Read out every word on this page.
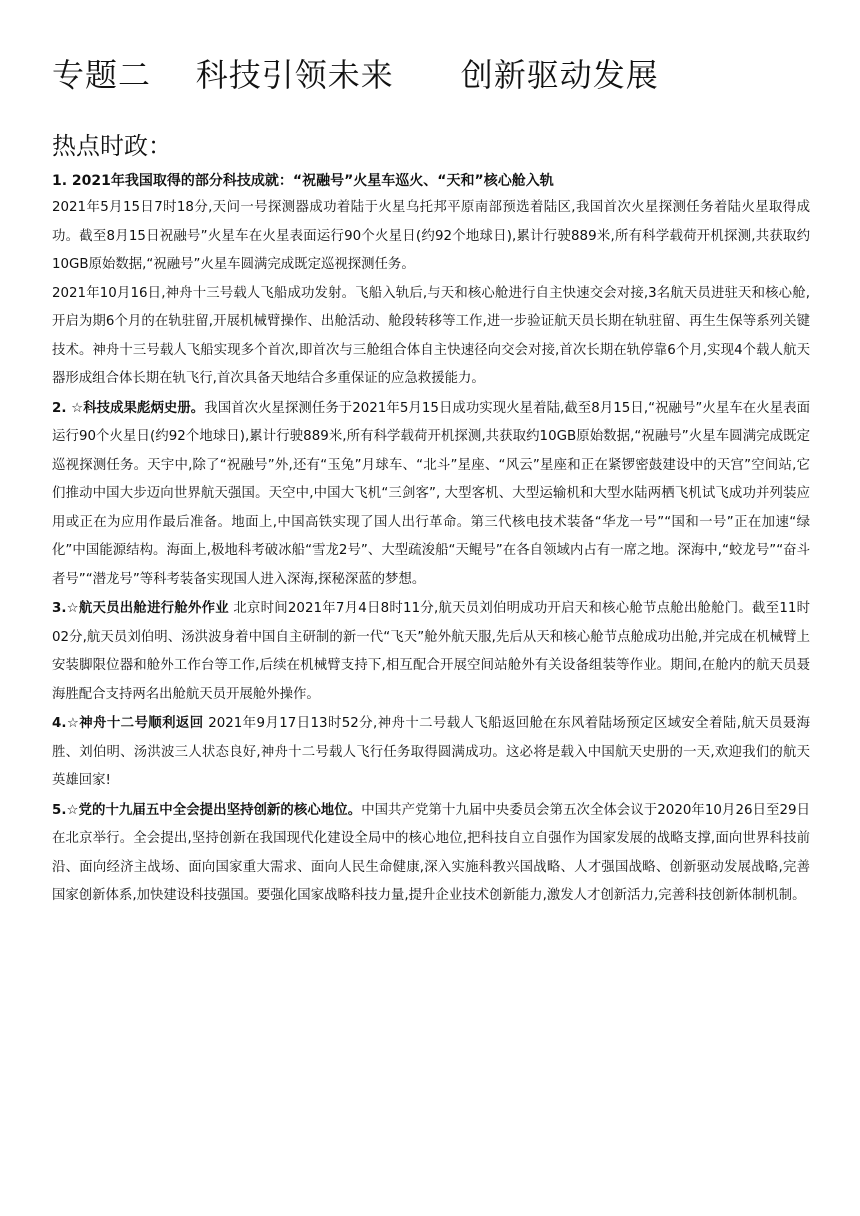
专题二    科技引领未来      创新驱动发展
热点时政：

1. 2021年我国取得的部分科技成就：“祝融号”火星车巡火、“天和”核心舱入轨

2021年5月15日7时18分,天问一号探测器成功着陆于火星乌托邦平原南部预选着陆区,我国首次火星探测任务着陆火星取得成功。截至8月15日祝融号”火星车在火星表面运行90个火星日(约92个地球日),累计行驶889米,所有科学载荷开机探测,共获取约10GB原始数据,“祝融号”火星车圆满完成既定巡视探测任务。

2021年10月16日,神舟十三号载人飞船成功发射。飞船入轨后,与天和核心舱进行自主快速交会对接,3名航天员进驻天和核心舱,开启为期6个月的在轨驻留,开展机械臂操作、出舱活动、舱段转移等工作,进一步验证航天员长期在轨驻留、再生生保等系列关键技术。神舟十三号载人飞船实现多个首次,即首次与三舱组合体自主快速径向交会对接,首次长期在轨停靠6个月,实现4个载人航天器形成组合体长期在轨飞行,首次具备天地结合多重保证的应急救援能力。

2. ☆科技成果彪炳史册。我国首次火星探测任务于2021年5月15日成功实现火星着陆,截至8月15日,“祝融号”火星车在火星表面运行90个火星日(约92个地球日),累计行驶889米,所有科学载荷开机探测,共获取约10GB原始数据,“祝融号”火星车圆满完成既定巡视探测任务。天宇中,除了“祝融号”外,还有“玉兔”月球车、“北斗”星座、“风云”星座和正在紧锣密鼓建设中的天宫”空间站,它们推动中国大步迈向世界航天强国。天空中,中国大飞机“三剑客”, 大型客机、大型运输机和大型水陆两栖飞机试飞成功并列装应用或正在为应用作最后准备。地面上,中国高铁实现了国人出行革命。第三代核电技术装备“华龙一号”“国和一号”正在加速“绿化”中国能源结构。海面上,极地科考破冰船“雪龙2号”、大型疏浚船“天鲲号”在各自领域内占有一席之地。深海中,“蛟龙号”“奋斗者号”“潜龙号”等科考装备实现国人进入深海,探秘深蓝的梦想。

3.☆航天员出舱进行舱外作业 北京时间2021年7月4日8时11分,航天员刘伯明成功开启天和核心舱节点舱出舱舱门。截至11时02分,航天员刘伯明、汤洪波身着中国自主研制的新一代“飞天”舱外航天服,先后从天和核心舱节点舱成功出舱,并完成在机械臂上安装脚限位器和舱外工作台等工作,后续在机械臂支持下,相互配合开展空间站舱外有关设备组装等作业。期间,在舱内的航天员聂海胜配合支持两名出舱航天员开展舱外操作。

4.☆神舟十二号顺利返回 2021年9月17日13时52分,神舟十二号载人飞船返回舱在东风着陆场预定区域安全着陆,航天员聂海胜、刘伯明、汤洪波三人状态良好,神舟十二号载人飞行任务取得圆满成功。这必将是载入中国航天史册的一天,欢迎我们的航天英雄回家!

5.☆党的十九届五中全会提出坚持创新的核心地位。中国共产党第十九届中央委员会第五次全体会议于2020年10月26日至29日在北京举行。全会提出,坚持创新在我国现代化建设全局中的核心地位,把科技自立自强作为国家发展的战略支撑,面向世界科技前沿、面向经济主战场、面向国家重大需求、面向人民生命健康,深入实施科教兴国战略、人才强国战略、创新驱动发展战略,完善国家创新体系,加快建设科技强国。要强化国家战略科技力量,提升企业技术创新能力,激发人才创新活力,完善科技创新体制机制。
